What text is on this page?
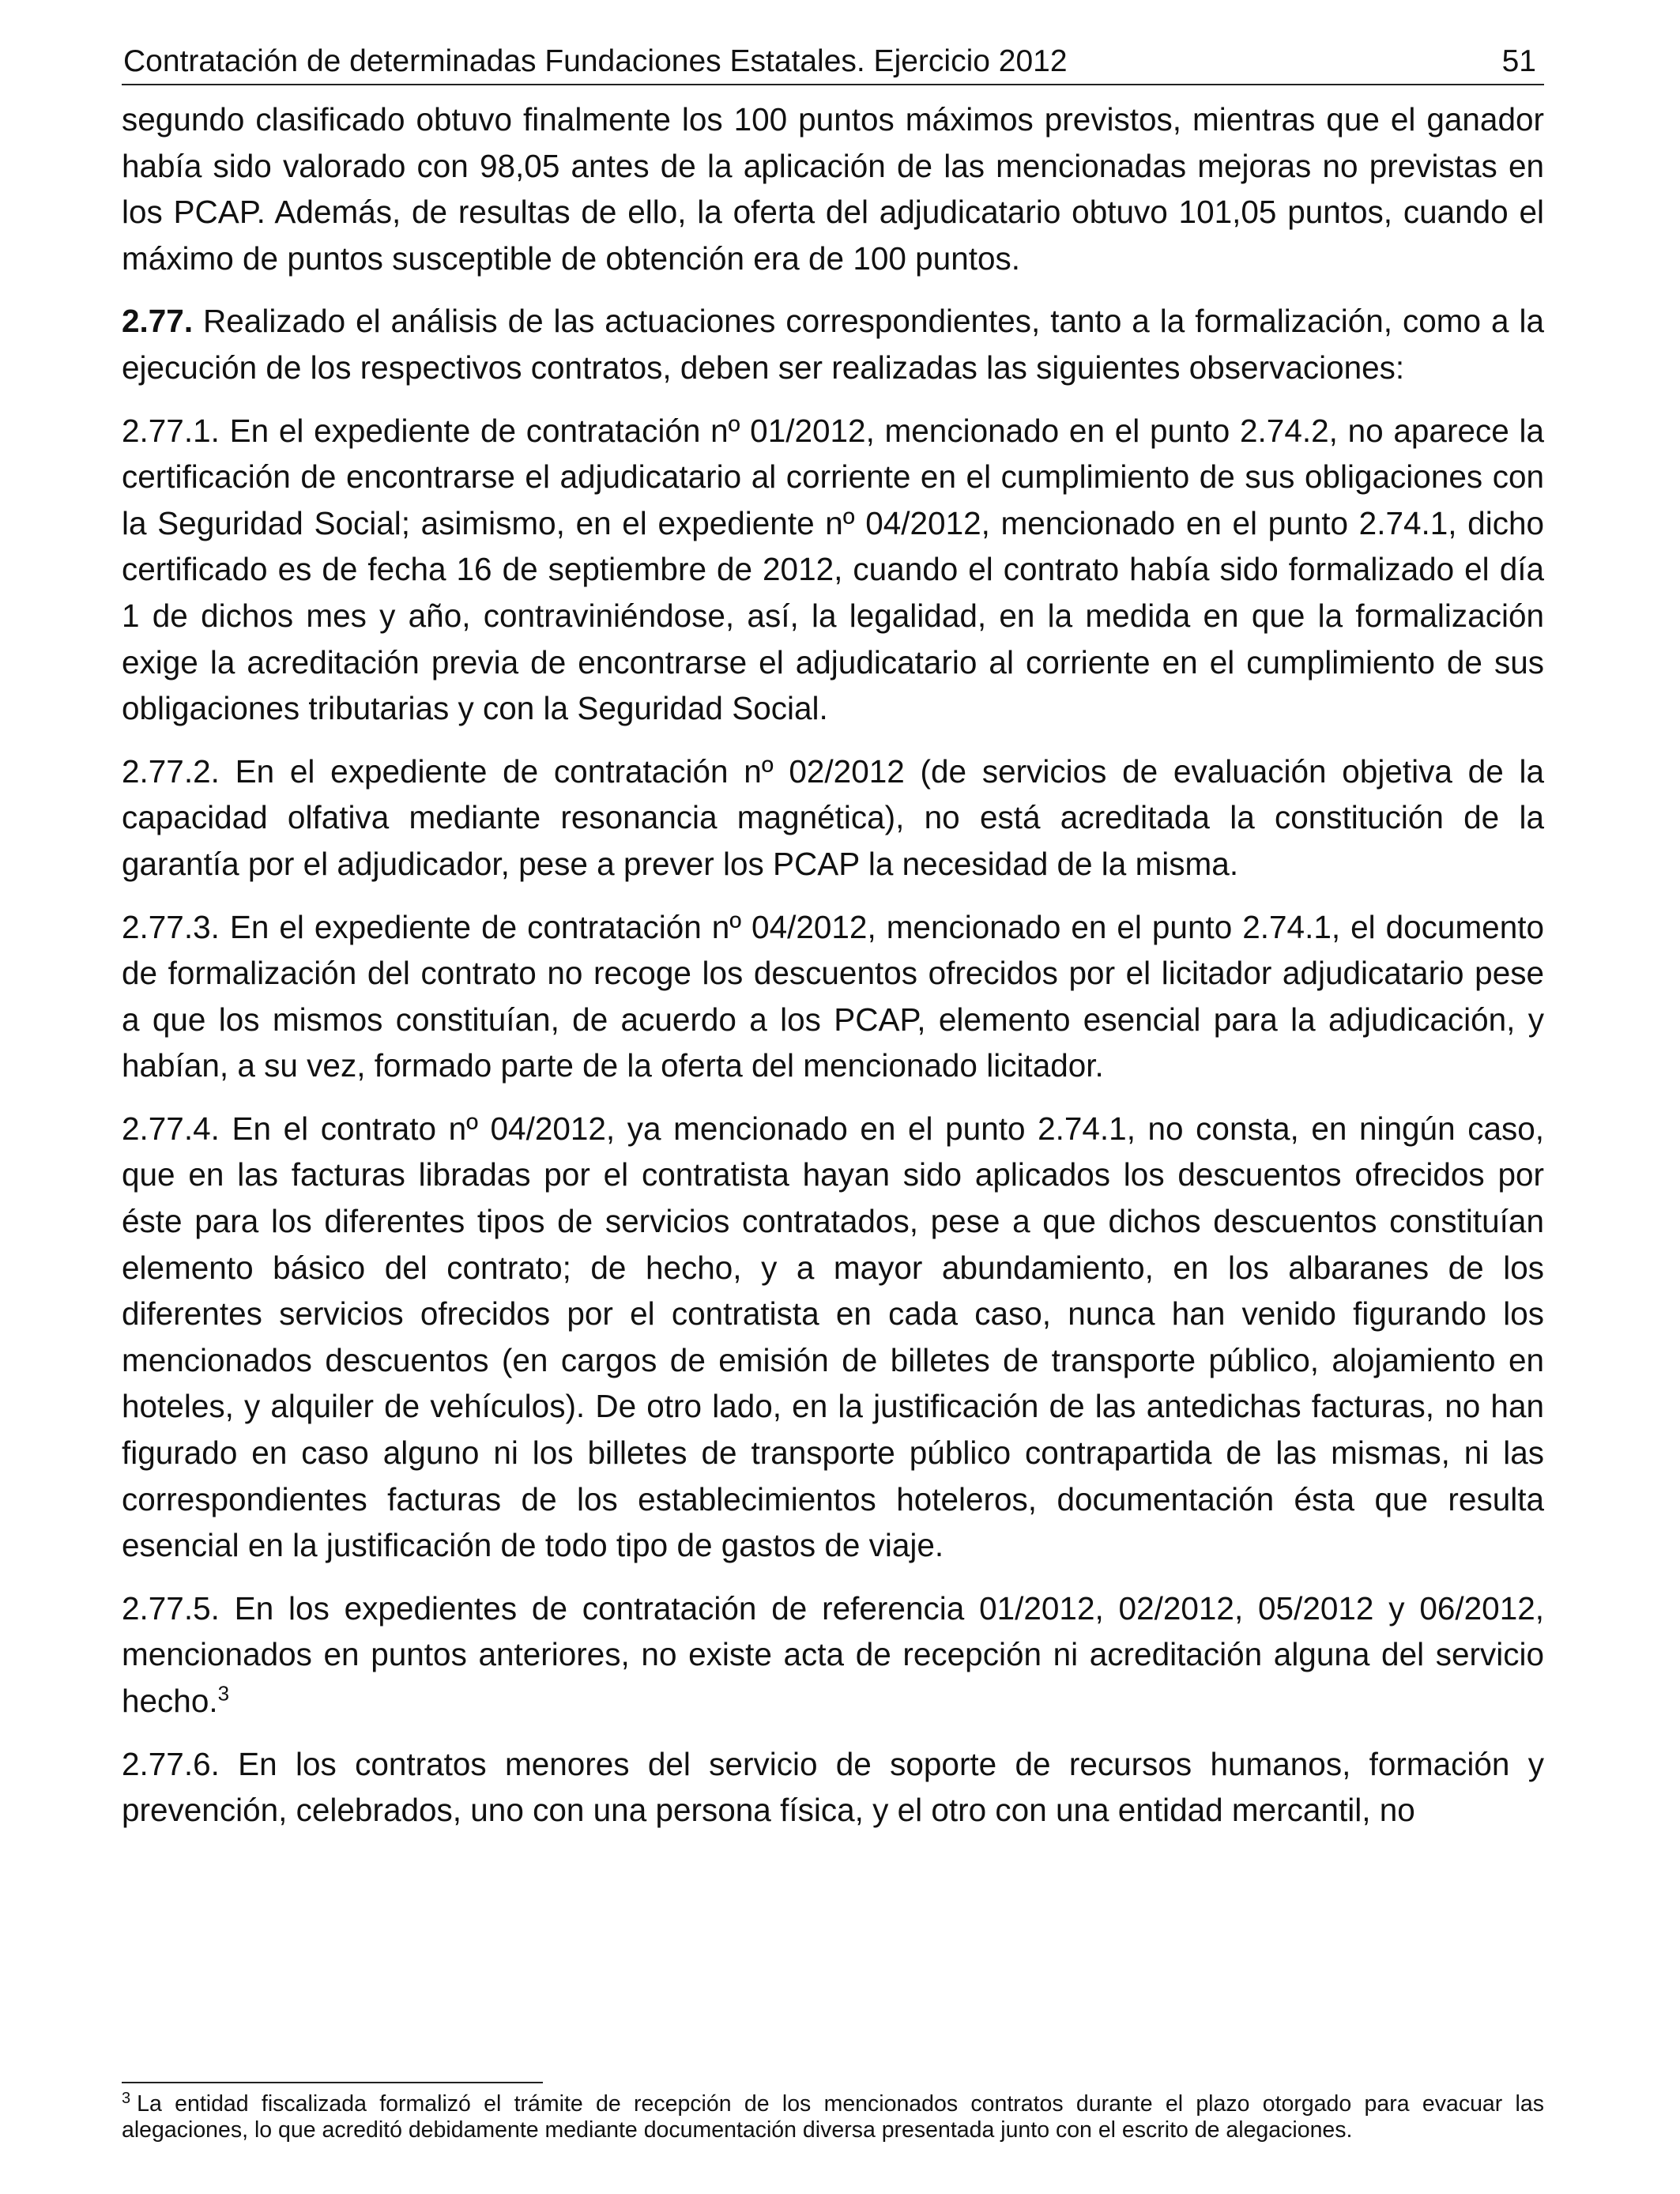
Contratación de determinadas Fundaciones Estatales. Ejercicio 2012	51

segundo clasificado obtuvo finalmente los 100 puntos máximos previstos, mientras que el ganador había sido valorado con 98,05 antes de la aplicación de las mencionadas mejoras no previstas en los PCAP. Además, de resultas de ello, la oferta del adjudicatario obtuvo 101,05 puntos, cuando el máximo de puntos susceptible de obtención era de 100 puntos.

2.77. Realizado el análisis de las actuaciones correspondientes, tanto a la formalización, como a la ejecución de los respectivos contratos, deben ser realizadas las siguientes observaciones:

2.77.1. En el expediente de contratación nº 01/2012, mencionado en el punto 2.74.2, no aparece la certificación de encontrarse el adjudicatario al corriente en el cumplimiento de sus obligaciones con la Seguridad Social; asimismo, en el expediente nº 04/2012, mencionado en el punto 2.74.1, dicho certificado es de fecha 16 de septiembre de 2012, cuando el contrato había sido formalizado el día 1 de dichos mes y año, contraviniéndose, así, la legalidad, en la medida en que la formalización exige la acreditación previa de encontrarse el adjudicatario al corriente en el cumplimiento de sus obligaciones tributarias y con la Seguridad Social.

2.77.2. En el expediente de contratación nº 02/2012 (de servicios de evaluación objetiva de la capacidad olfativa mediante resonancia magnética), no está acreditada la constitución de la garantía por el adjudicador, pese a prever los PCAP la necesidad de la misma.

2.77.3. En el expediente de contratación nº 04/2012, mencionado en el punto 2.74.1, el documento de formalización del contrato no recoge los descuentos ofrecidos por el licitador adjudicatario pese a que los mismos constituían, de acuerdo a los PCAP, elemento esencial para la adjudicación, y habían, a su vez, formado parte de la oferta del mencionado licitador.

2.77.4. En el contrato nº 04/2012, ya mencionado en el punto 2.74.1, no consta, en ningún caso, que en las facturas libradas por el contratista hayan sido aplicados los descuentos ofrecidos por éste para los diferentes tipos de servicios contratados, pese a que dichos descuentos constituían elemento básico del contrato; de hecho, y a mayor abundamiento, en los albaranes de los diferentes servicios ofrecidos por el contratista en cada caso, nunca han venido figurando los mencionados descuentos (en cargos de emisión de billetes de transporte público, alojamiento en hoteles, y alquiler de vehículos). De otro lado, en la justificación de las antedichas facturas, no han figurado en caso alguno ni los billetes de transporte público contrapartida de las mismas, ni las correspondientes facturas de los establecimientos hoteleros, documentación ésta que resulta esencial en la justificación de todo tipo de gastos de viaje.

2.77.5. En los expedientes de contratación de referencia 01/2012, 02/2012, 05/2012 y 06/2012, mencionados en puntos anteriores, no existe acta de recepción ni acreditación alguna del servicio hecho.$^3$

2.77.6. En los contratos menores del servicio de soporte de recursos humanos, formación y prevención, celebrados, uno con una persona física, y el otro con una entidad mercantil, no

$^3$ La entidad fiscalizada formalizó el trámite de recepción de los mencionados contratos durante el plazo otorgado para evacuar las alegaciones, lo que acreditó debidamente mediante documentación diversa presentada junto con el escrito de alegaciones.
